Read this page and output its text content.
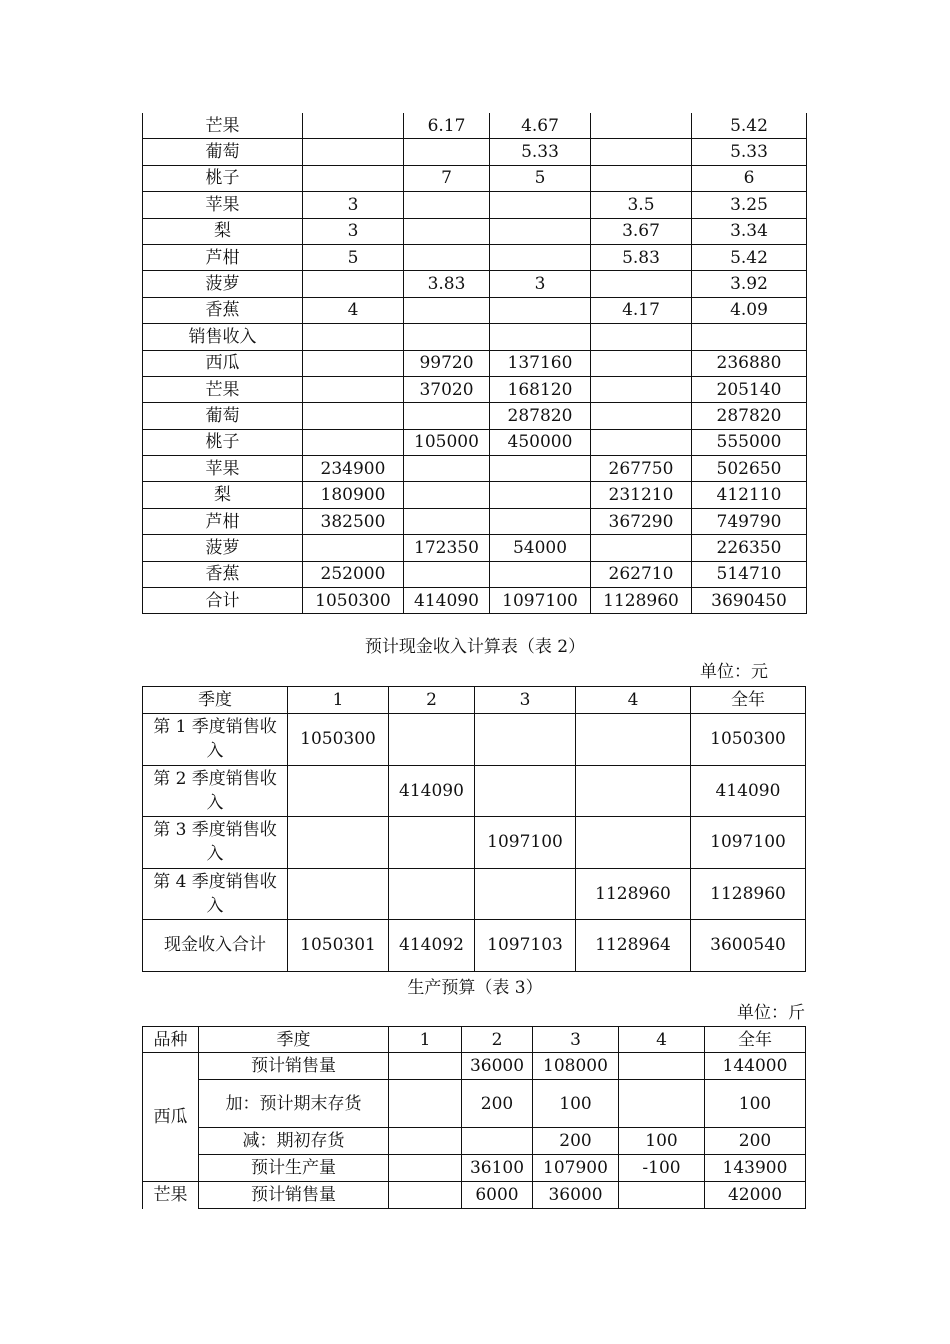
芒果		6.17	4.67		5.42
葡萄			5.33		5.33
桃子		7	5		6
苹果	3			3.5	3.25
梨	3			3.67	3.34
芦柑	5			5.83	5.42
菠萝		3.83	3		3.92
香蕉	4			4.17	4.09
销售收入					
西瓜		99720	137160		236880
芒果		37020	168120		205140
葡萄			287820		287820
桃子		105000	450000		555000
苹果	234900			267750	502650
梨	180900			231210	412110
芦柑	382500			367290	749790
菠萝		172350	54000		226350
香蕉	252000			262710	514710
合计	1050300	414090	1097100	1128960	3690450
预计现金收入计算表（表 2）
单位：元
季度	1	2	3	4	全年
第 1 季度销售收入	1050300				1050300
第 2 季度销售收入		414090			414090
第 3 季度销售收入			1097100		1097100
第 4 季度销售收入				1128960	1128960
现金收入合计	1050301	414092	1097103	1128964	3600540
生产预算（表 3）
单位：斤
品种	季度	1	2	3	4	全年
西瓜	预计销售量		36000	108000		144000
	加：预计期末存货		200	100		100
	减：期初存货			200	100	200
	预计生产量		36100	107900	-100	143900
芒果	预计销售量		6000	36000		42000
